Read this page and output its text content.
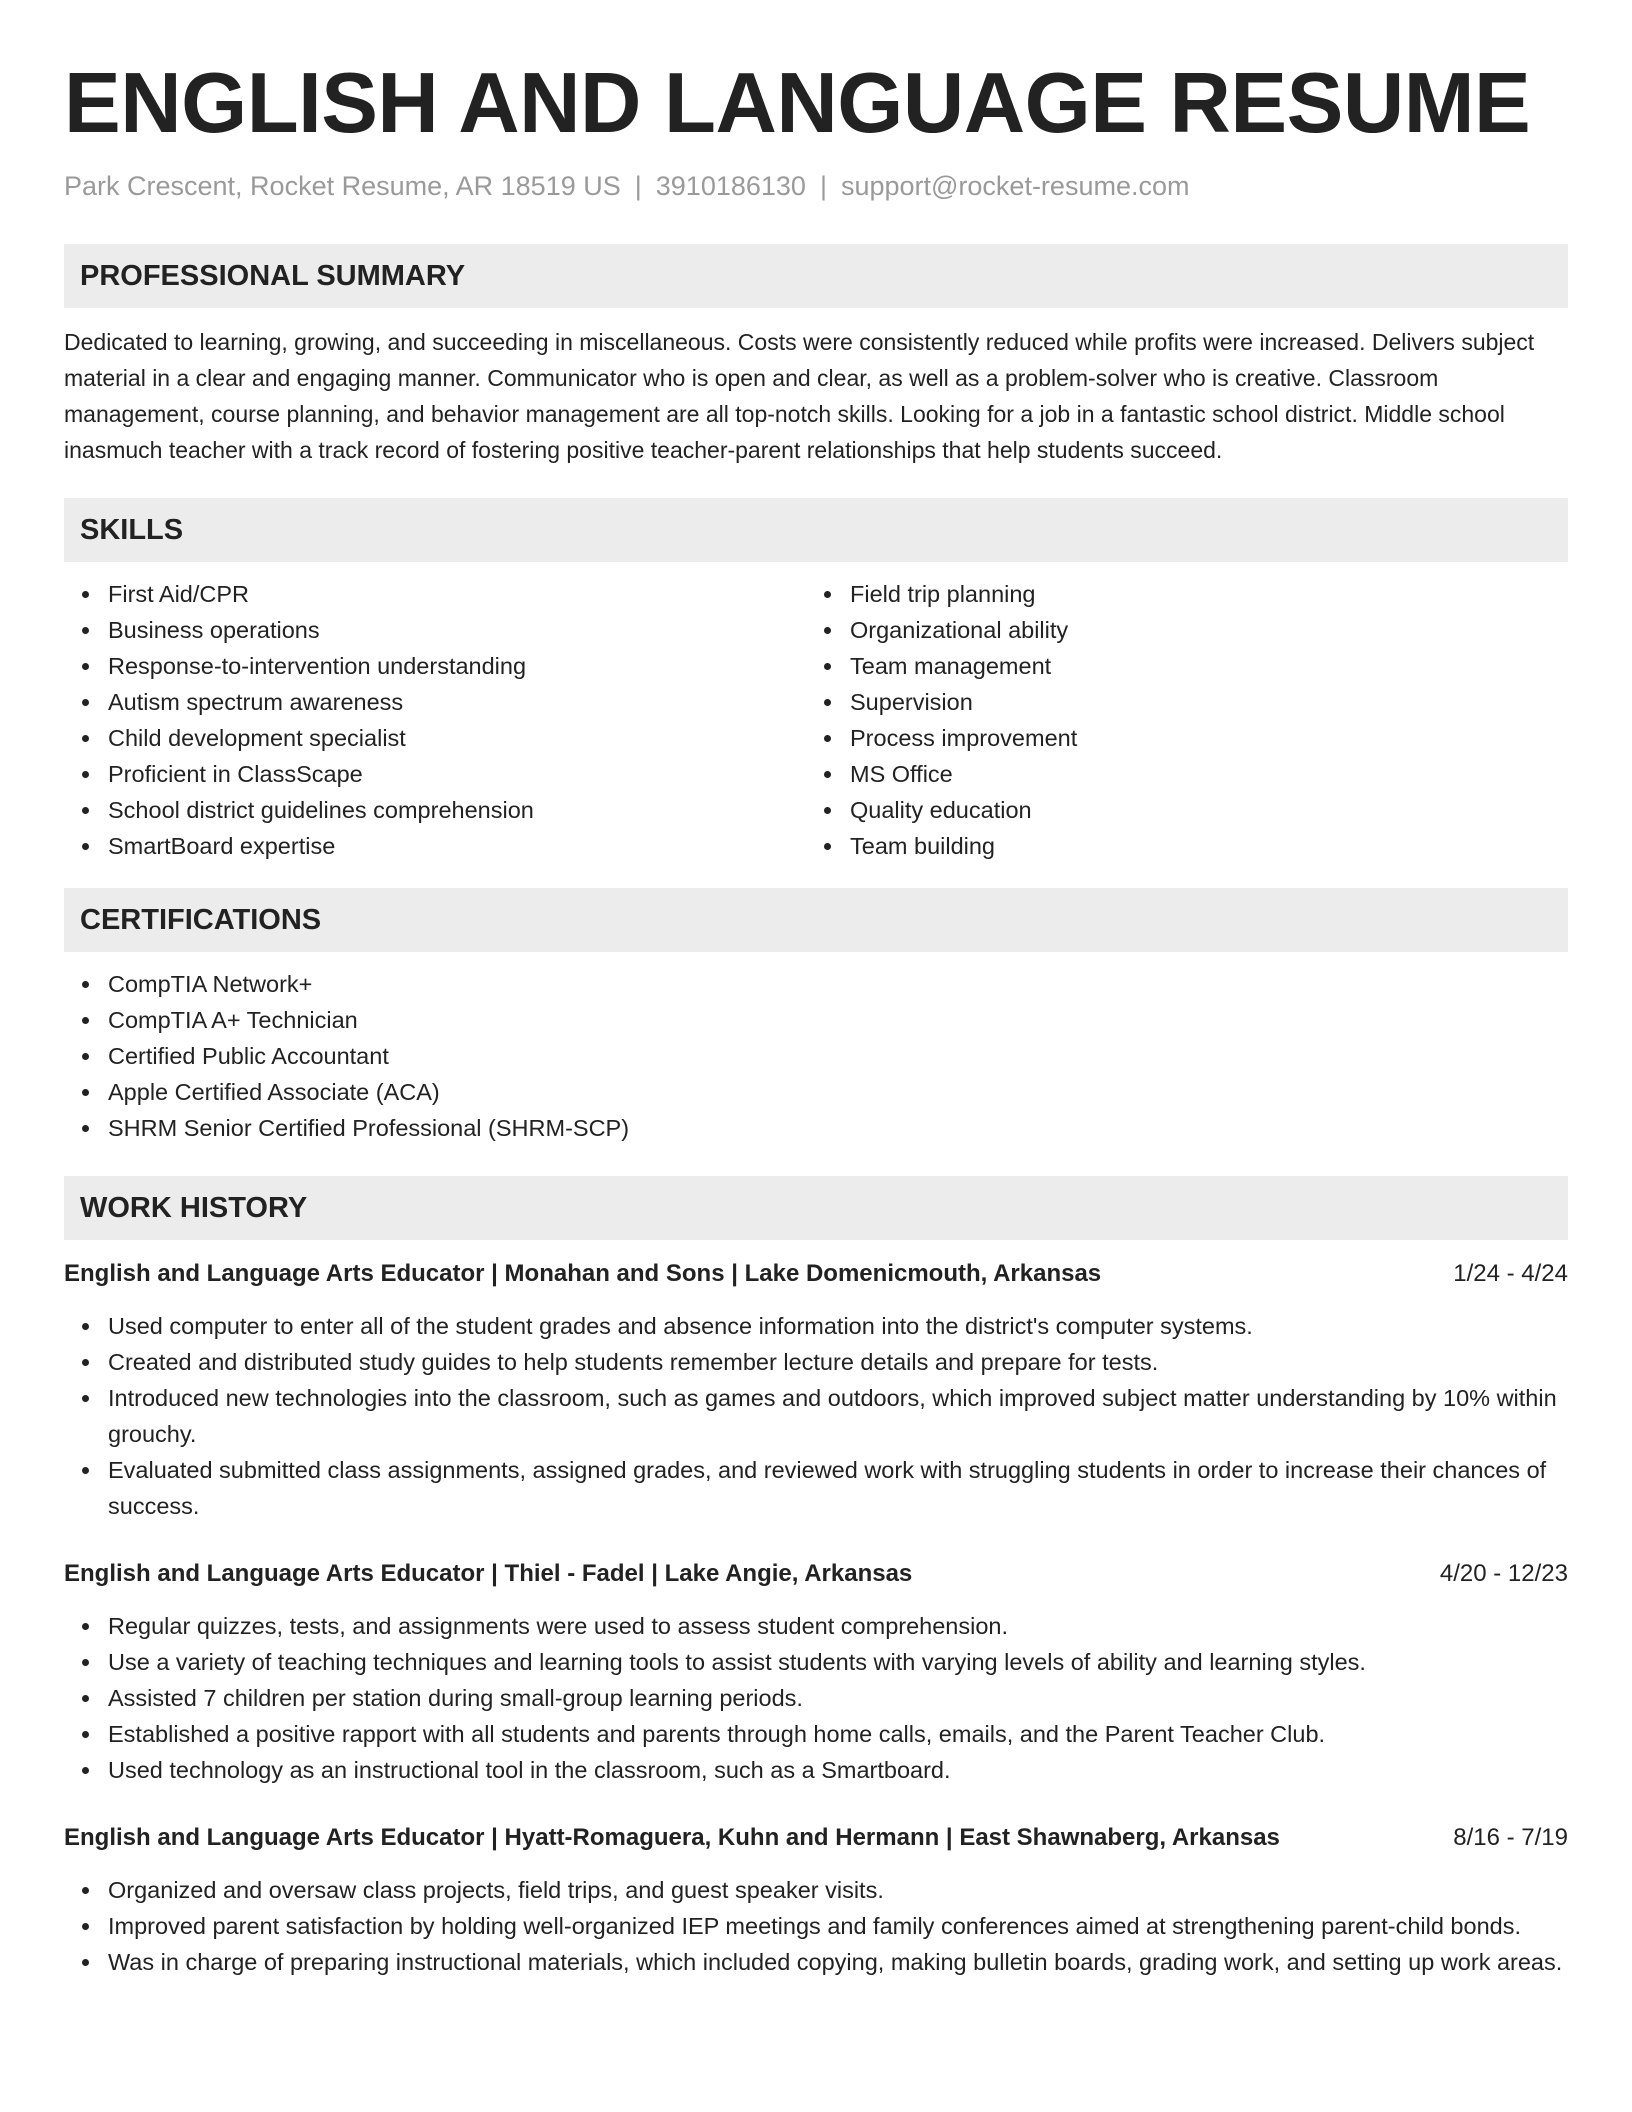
ENGLISH AND LANGUAGE RESUME
Park Crescent, Rocket Resume, AR 18519 US | 3910186130 | support@rocket-resume.com
PROFESSIONAL SUMMARY

Dedicated to learning, growing, and succeeding in miscellaneous. Costs were consistently reduced while profits were increased. Delivers subject material in a clear and engaging manner. Communicator who is open and clear, as well as a problem-solver who is creative. Classroom management, course planning, and behavior management are all top-notch skills. Looking for a job in a fantastic school district. Middle school inasmuch teacher with a track record of fostering positive teacher-parent relationships that help students succeed.

SKILLS
First Aid/CPR
Business operations
Response-to-intervention understanding
Autism spectrum awareness
Child development specialist
Proficient in ClassScape
School district guidelines comprehension
SmartBoard expertise
Field trip planning
Organizational ability
Team management
Supervision
Process improvement
MS Office
Quality education
Team building
CERTIFICATIONS
CompTIA Network+
CompTIA A+ Technician
Certified Public Accountant
Apple Certified Associate (ACA)
SHRM Senior Certified Professional (SHRM-SCP)
WORK HISTORY
English and Language Arts Educator | Monahan and Sons | Lake Domenicmouth, Arkansas	1/24 - 4/24
Used computer to enter all of the student grades and absence information into the district's computer systems.
Created and distributed study guides to help students remember lecture details and prepare for tests.
Introduced new technologies into the classroom, such as games and outdoors, which improved subject matter understanding by 10% within grouchy.
Evaluated submitted class assignments, assigned grades, and reviewed work with struggling students in order to increase their chances of success.
English and Language Arts Educator | Thiel - Fadel | Lake Angie, Arkansas	4/20 - 12/23
Regular quizzes, tests, and assignments were used to assess student comprehension.
Use a variety of teaching techniques and learning tools to assist students with varying levels of ability and learning styles.
Assisted 7 children per station during small-group learning periods.
Established a positive rapport with all students and parents through home calls, emails, and the Parent Teacher Club.
Used technology as an instructional tool in the classroom, such as a Smartboard.
English and Language Arts Educator | Hyatt-Romaguera, Kuhn and Hermann | East Shawnaberg, Arkansas	8/16 - 7/19
Organized and oversaw class projects, field trips, and guest speaker visits.
Improved parent satisfaction by holding well-organized IEP meetings and family conferences aimed at strengthening parent-child bonds.
Was in charge of preparing instructional materials, which included copying, making bulletin boards, grading work, and setting up work areas.
